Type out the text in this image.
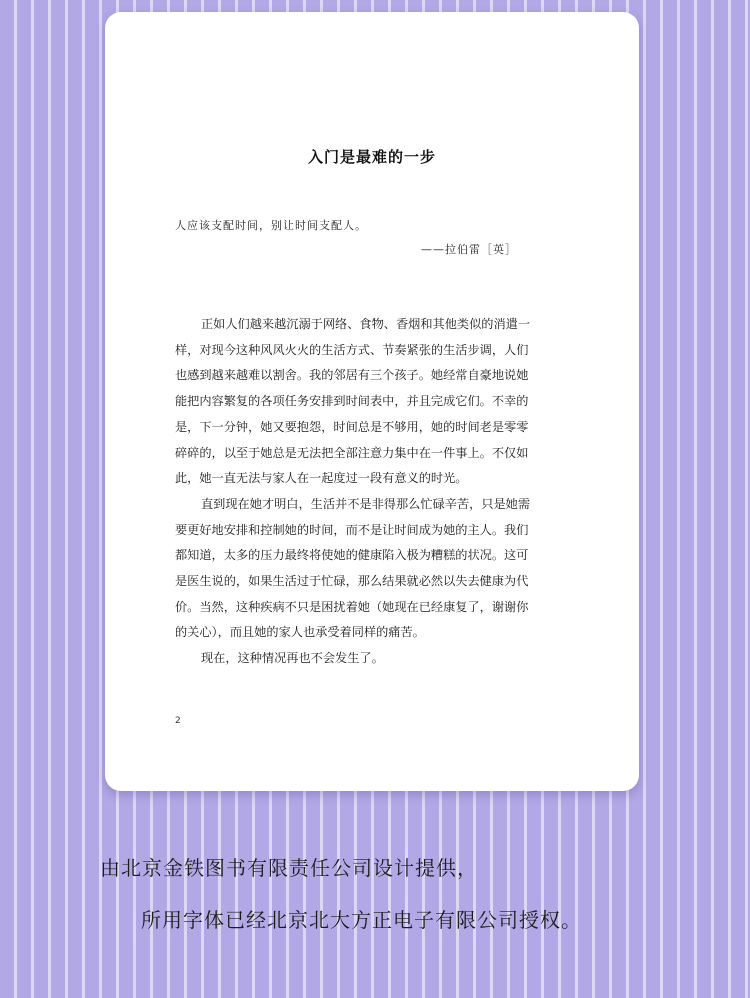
入门是最难的一步
人应该支配时间，别让时间支配人。
——拉伯雷［英］
正如人们越来越沉溺于网络、食物、香烟和其他类似的消遣一
样，对现今这种风风火火的生活方式、节奏紧张的生活步调，人们
也感到越来越难以割舍。我的邻居有三个孩子。她经常自豪地说她
能把内容繁复的各项任务安排到时间表中，并且完成它们。不幸的
是，下一分钟，她又要抱怨，时间总是不够用，她的时间老是零零
碎碎的，以至于她总是无法把全部注意力集中在一件事上。不仅如
此，她一直无法与家人在一起度过一段有意义的时光。
直到现在她才明白，生活并不是非得那么忙碌辛苦，只是她需
要更好地安排和控制她的时间，而不是让时间成为她的主人。我们
都知道，太多的压力最终将使她的健康陷入极为糟糕的状况。这可
是医生说的，如果生活过于忙碌，那么结果就必然以失去健康为代
价。当然，这种疾病不只是困扰着她（她现在已经康复了，谢谢你
的关心），而且她的家人也承受着同样的痛苦。
现在，这种情况再也不会发生了。
2
由北京金铁图书有限责任公司设计提供，
所用字体已经北京北大方正电子有限公司授权。
